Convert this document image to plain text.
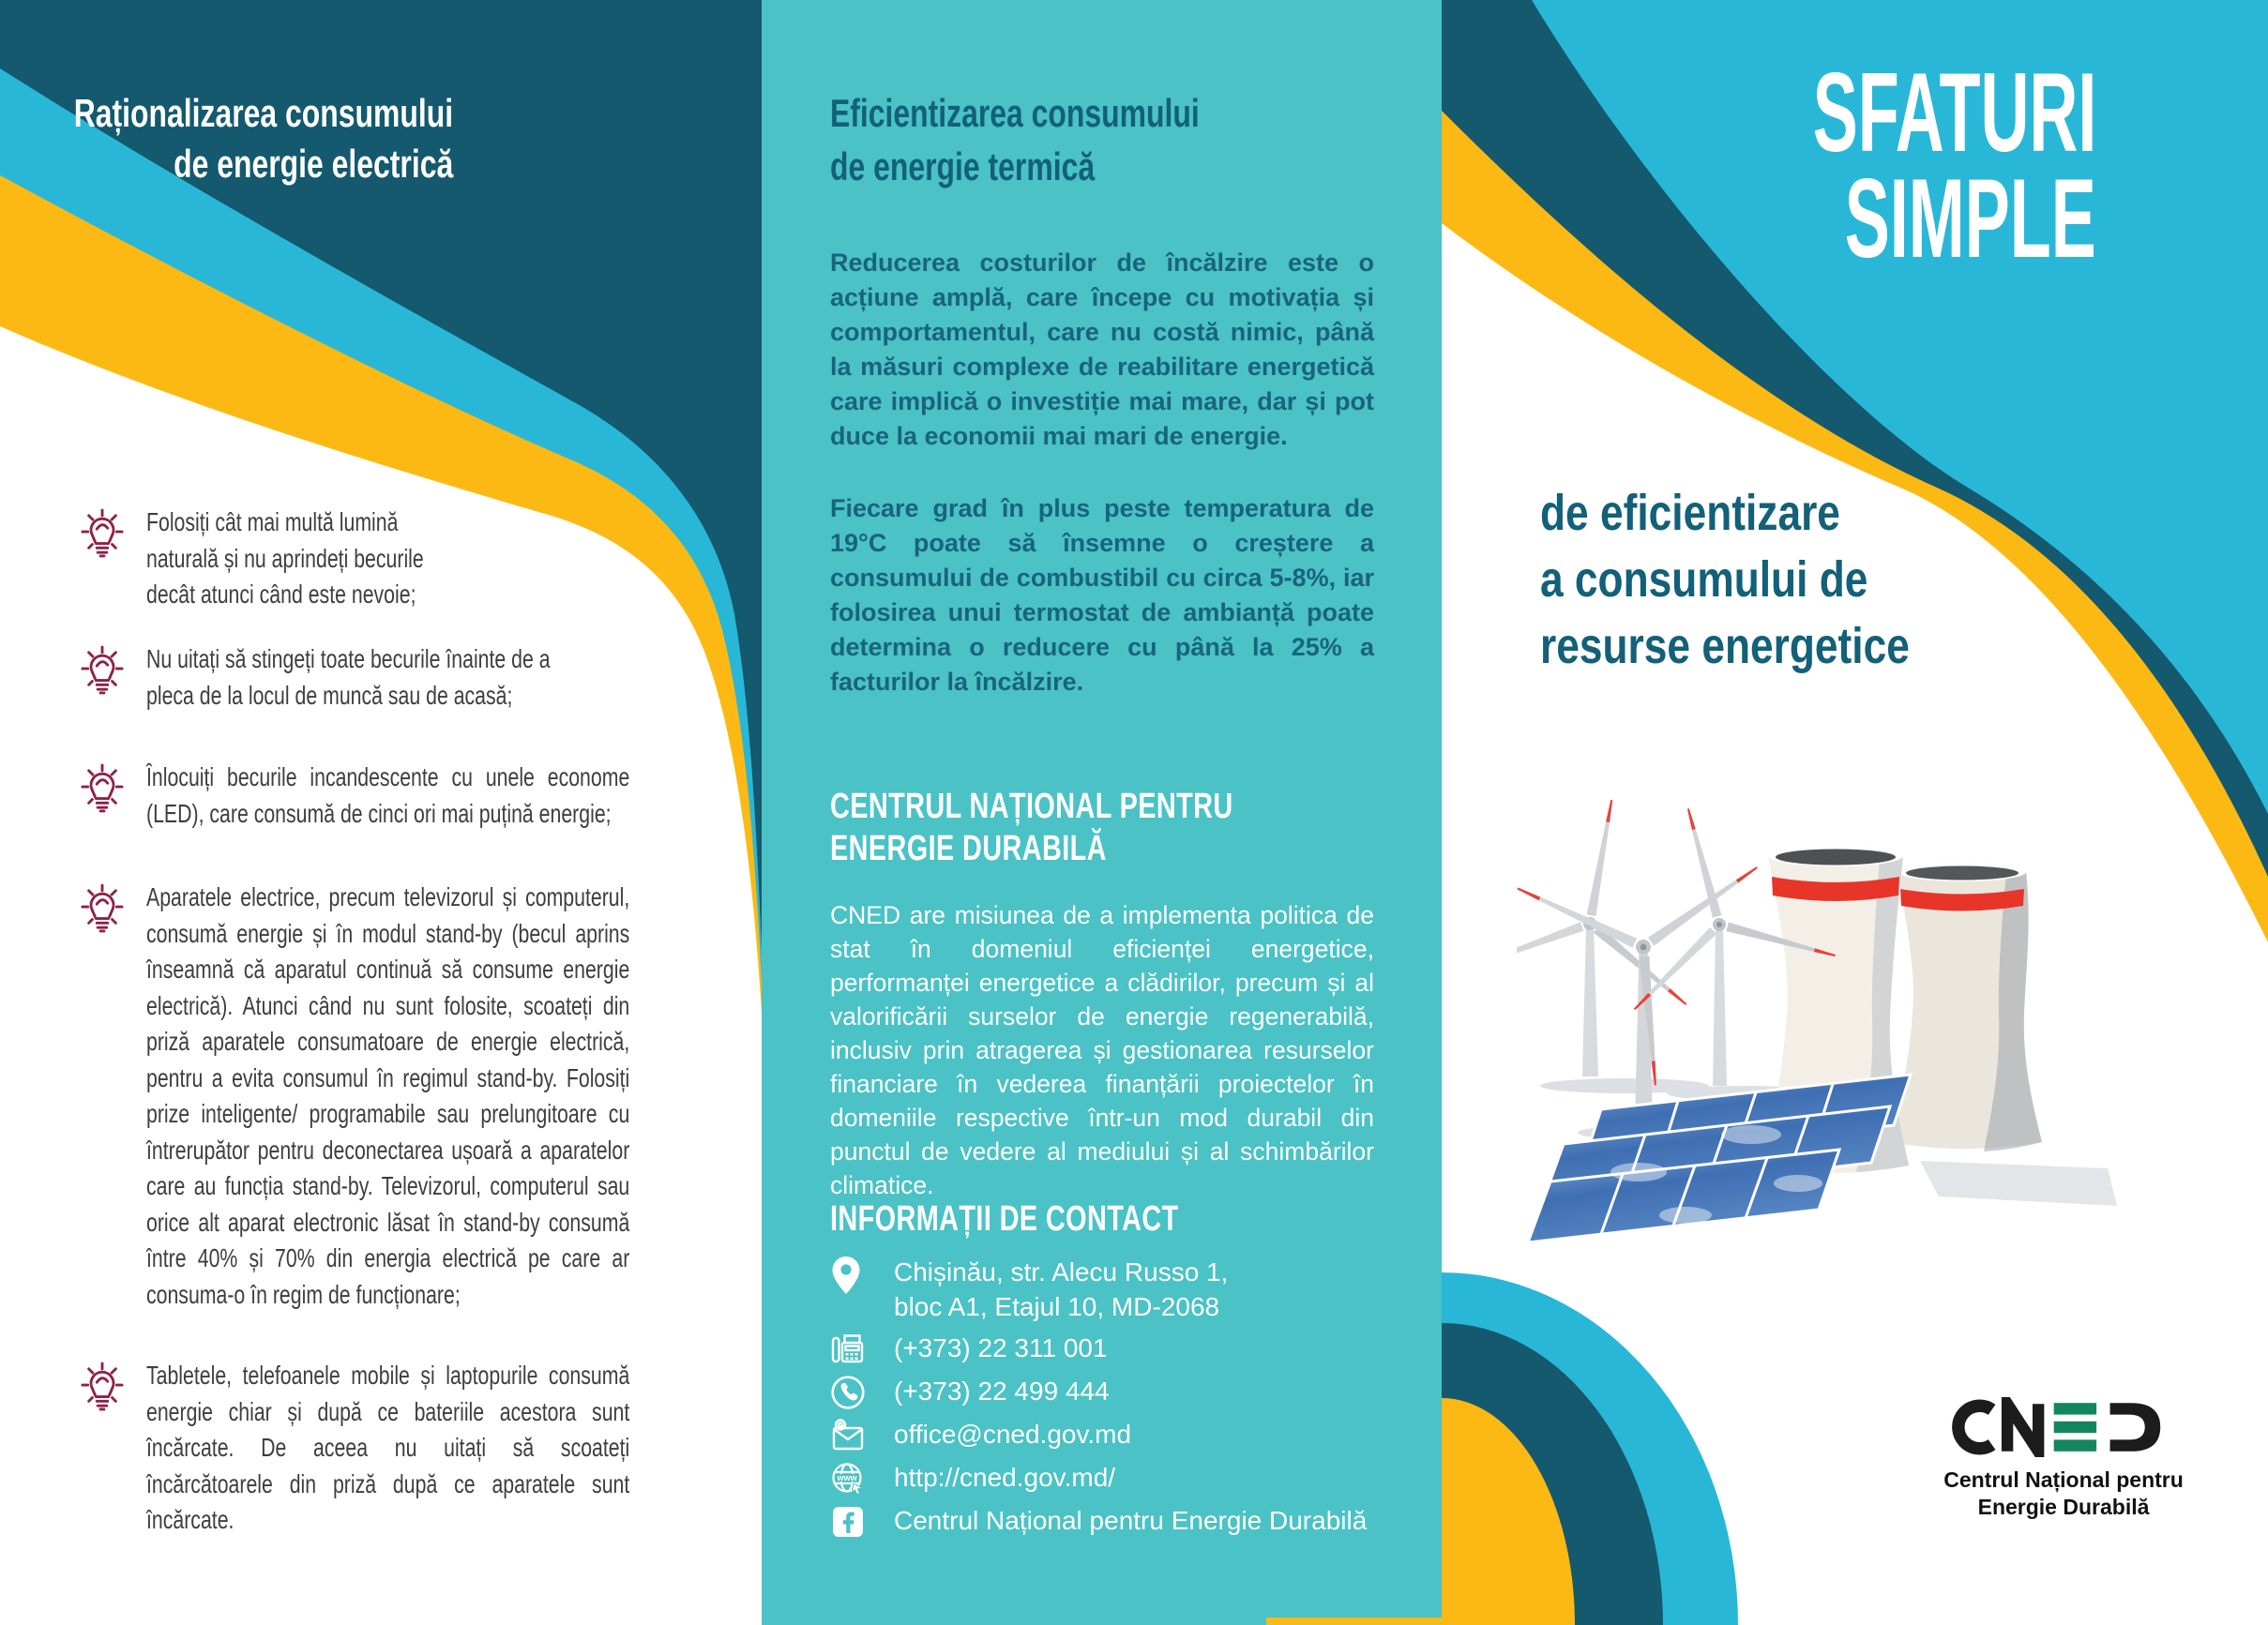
Raționalizarea consumului
de energie electrică
Folosiți cât mai multă lumină naturală și nu aprindeți becurile decât atunci când este nevoie;
Nu uitați să stingeți toate becurile înainte de a pleca de la locul de muncă sau de acasă;
Înlocuiți becurile incandescente cu unele econome (LED), care consumă de cinci ori mai puțină energie;
Aparatele electrice, precum televizorul și computerul, consumă energie și în modul stand-by (becul aprins înseamnă că aparatul continuă să consume energie electrică). Atunci când nu sunt folosite, scoateți din priză aparatele consumatoare de energie electrică, pentru a evita consumul în regimul stand-by. Folosiți prize inteligente/ programabile sau prelungitoare cu întrerupător pentru deconectarea ușoară a aparatelor care au funcția stand-by. Televizorul, computerul sau orice alt aparat electronic lăsat în stand-by consumă între 40% și 70% din energia electrică pe care ar consuma-o în regim de funcționare;
Tabletele, telefoanele mobile și laptopurile consumă energie chiar și după ce bateriile acestora sunt încărcate. De aceea nu uitați să scoateți încărcătoarele din priză după ce aparatele sunt încărcate.
Eficientizarea consumului
de energie termică
Reducerea costurilor de încălzire este o acțiune amplă, care începe cu motivația și comportamentul, care nu costă nimic, până la măsuri complexe de reabilitare energetică care implică o investiție mai mare, dar și pot duce la economii mai mari de energie.
Fiecare grad în plus peste temperatura de 19°C poate să însemne o creștere a consumului de combustibil cu circa 5-8%, iar folosirea unui termostat de ambianță poate determina o reducere cu până la 25% a facturilor la încălzire.
CENTRUL NAȚIONAL PENTRU
ENERGIE DURABILĂ
CNED are misiunea de a implementa politica de stat în domeniul eficienței energetice, performanței energetice a clădirilor, precum și al valorificării surselor de energie regenerabilă, inclusiv prin atragerea și gestionarea resurselor financiare în vederea finanțării proiectelor în domeniile respective într-un mod durabil din punctul de vedere al mediului și al schimbărilor climatice.
INFORMAȚII DE CONTACT
Chișinău, str. Alecu Russo 1,
bloc A1, Etajul 10, MD-2068
(+373) 22 311 001
(+373) 22 499 444
office@cned.gov.md
www http://cned.gov.md/
Centrul Național pentru Energie Durabilă
SFATURI
SIMPLE
de eficientizare
a consumului de
resurse energetice
Centrul Național pentru
Energie Durabilă
